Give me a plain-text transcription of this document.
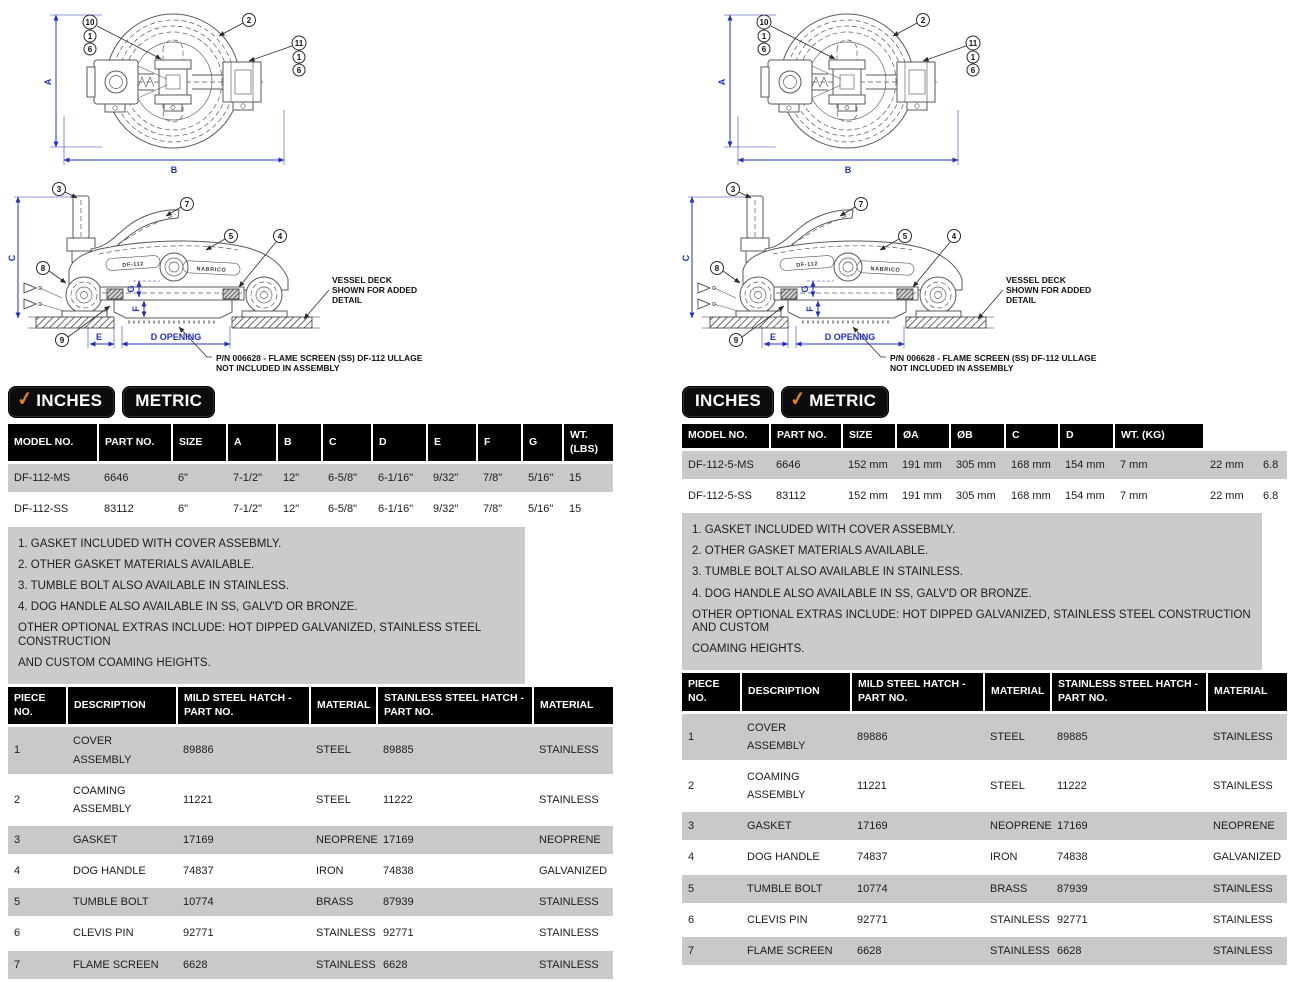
A
10
1
6
2
11
1
6
B
C
DF-112
NABRICO
3
7
5	4
8
9
G
F
E	D OPENING
VESSEL DECK
SHOWN FOR ADDED
DETAIL
P/N 006628 - FLAME SCREEN (SS) DF-112 ULLAGE
NOT INCLUDED IN ASSEMBLY
✓ INCHES METRIC
MODEL NO.	PART NO.	SIZE	A	B	C	D	E	F	G	WT. (LBS)
DF-112-MS	6646	6"	7-1/2"	12"	6-5/8"	6-1/16"	9/32"	7/8"	5/16"	15
DF-112-SS	83112	6"	7-1/2"	12"	6-5/8"	6-1/16"	9/32"	7/8"	5/16"	15
1. GASKET INCLUDED WITH COVER ASSEBMLY.
2. OTHER GASKET MATERIALS AVAILABLE.
3. TUMBLE BOLT ALSO AVAILABLE IN STAINLESS.
4. DOG HANDLE ALSO AVAILABLE IN SS, GALV'D OR BRONZE.
OTHER OPTIONAL EXTRAS INCLUDE: HOT DIPPED GALVANIZED, STAINLESS STEEL CONSTRUCTION
AND CUSTOM COAMING HEIGHTS.
PIECE NO.	DESCRIPTION	MILD STEEL HATCH - PART NO.	MATERIAL	STAINLESS STEEL HATCH - PART NO.	MATERIAL
1	COVER ASSEMBLY	89886	STEEL	89885	STAINLESS
2	COAMING ASSEMBLY	11221	STEEL	11222	STAINLESS
3	GASKET	17169	NEOPRENE	17169	NEOPRENE
4	DOG HANDLE	74837	IRON	74838	GALVANIZED
5	TUMBLE BOLT	10774	BRASS	87939	STAINLESS
6	CLEVIS PIN	92771	STAINLESS	92771	STAINLESS
7	FLAME SCREEN	6628	STAINLESS	6628	STAINLESS
A
10
1
6
2
11
1
6
B
C
DF-112
NABRICO
3
7
5	4
8
9
G
F
E	D OPENING
VESSEL DECK
SHOWN FOR ADDED
DETAIL
P/N 006628 - FLAME SCREEN (SS) DF-112 ULLAGE
NOT INCLUDED IN ASSEMBLY
INCHES ✓ METRIC
MODEL NO.	PART NO.	SIZE	ØA	ØB	C	D	WT. (KG)		
DF-112-5-MS	6646	152 mm	191 mm	305 mm	168 mm	154 mm	7 mm	22 mm	6.8
DF-112-5-SS	83112	152 mm	191 mm	305 mm	168 mm	154 mm	7 mm	22 mm	6.8
1. GASKET INCLUDED WITH COVER ASSEBMLY.
2. OTHER GASKET MATERIALS AVAILABLE.
3. TUMBLE BOLT ALSO AVAILABLE IN STAINLESS.
4. DOG HANDLE ALSO AVAILABLE IN SS, GALV'D OR BRONZE.
OTHER OPTIONAL EXTRAS INCLUDE: HOT DIPPED GALVANIZED, STAINLESS STEEL CONSTRUCTION AND CUSTOM
COAMING HEIGHTS.
PIECE NO.	DESCRIPTION	MILD STEEL HATCH - PART NO.	MATERIAL	STAINLESS STEEL HATCH - PART NO.	MATERIAL
1	COVER ASSEMBLY	89886	STEEL	89885	STAINLESS
2	COAMING ASSEMBLY	11221	STEEL	11222	STAINLESS
3	GASKET	17169	NEOPRENE	17169	NEOPRENE
4	DOG HANDLE	74837	IRON	74838	GALVANIZED
5	TUMBLE BOLT	10774	BRASS	87939	STAINLESS
6	CLEVIS PIN	92771	STAINLESS	92771	STAINLESS
7	FLAME SCREEN	6628	STAINLESS	6628	STAINLESS
